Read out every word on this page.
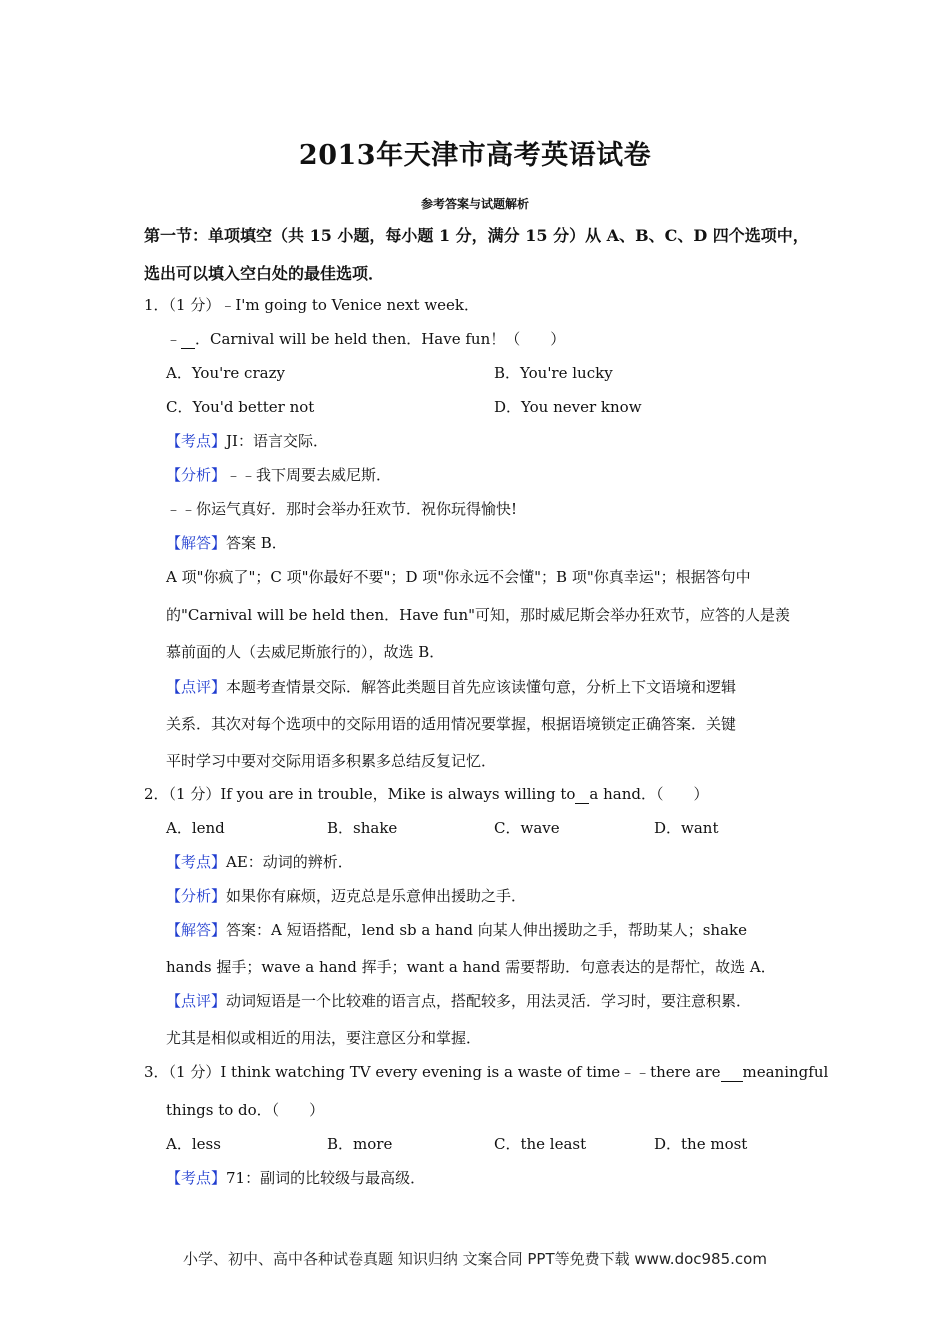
2013年天津市高考英语试卷
参考答案与试题解析
第一节：单项填空（共 15 小题，每小题 1 分，满分 15 分）从 A、B、C、D 四个选项中，
选出可以填入空白处的最佳选项．
1．（1 分）﹣I'm going to Venice next week．
﹣ ．Carnival will be held then．Have fun！（　　）
A．You're crazy	B．You're lucky
C．You'd better not	D．You never know
【考点】JI：语言交际．
【分析】﹣﹣我下周要去威尼斯．
﹣﹣你运气真好．那时会举办狂欢节．祝你玩得愉快!
【解答】答案 B．
A 项"你疯了"；C 项"你最好不要"；D 项"你永远不会懂"；B 项"你真幸运"；根据答句中
的"Carnival will be held then．Have fun"可知，那时威尼斯会举办狂欢节，应答的人是羡
慕前面的人（去威尼斯旅行的），故选 B．
【点评】本题考查情景交际．解答此类题目首先应该读懂句意，分析上下文语境和逻辑
关系．其次对每个选项中的交际用语的适用情况要掌握，根据语境锁定正确答案．关键
平时学习中要对交际用语多积累多总结反复记忆．
2．（1 分）If you are in trouble，Mike is always willing to a hand．（　　）
A．lend	B．shake	C．wave	D．want
【考点】AE：动词的辨析．
【分析】如果你有麻烦，迈克总是乐意伸出援助之手．
【解答】答案：A 短语搭配，lend sb a hand 向某人伸出援助之手，帮助某人；shake
hands 握手；wave a hand 挥手；want a hand 需要帮助．句意表达的是帮忙，故选 A．
【点评】动词短语是一个比较难的语言点，搭配较多，用法灵活．学习时，要注意积累．
尤其是相似或相近的用法，要注意区分和掌握．
3．（1 分）I think watching TV every evening is a waste of time﹣﹣there are meaningful
things to do．（　　）
A．less	B．more	C．the least	D．the most
【考点】71：副词的比较级与最高级．
小学、初中、高中各种试卷真题 知识归纳 文案合同 PPT等免费下载 www.doc985.com
